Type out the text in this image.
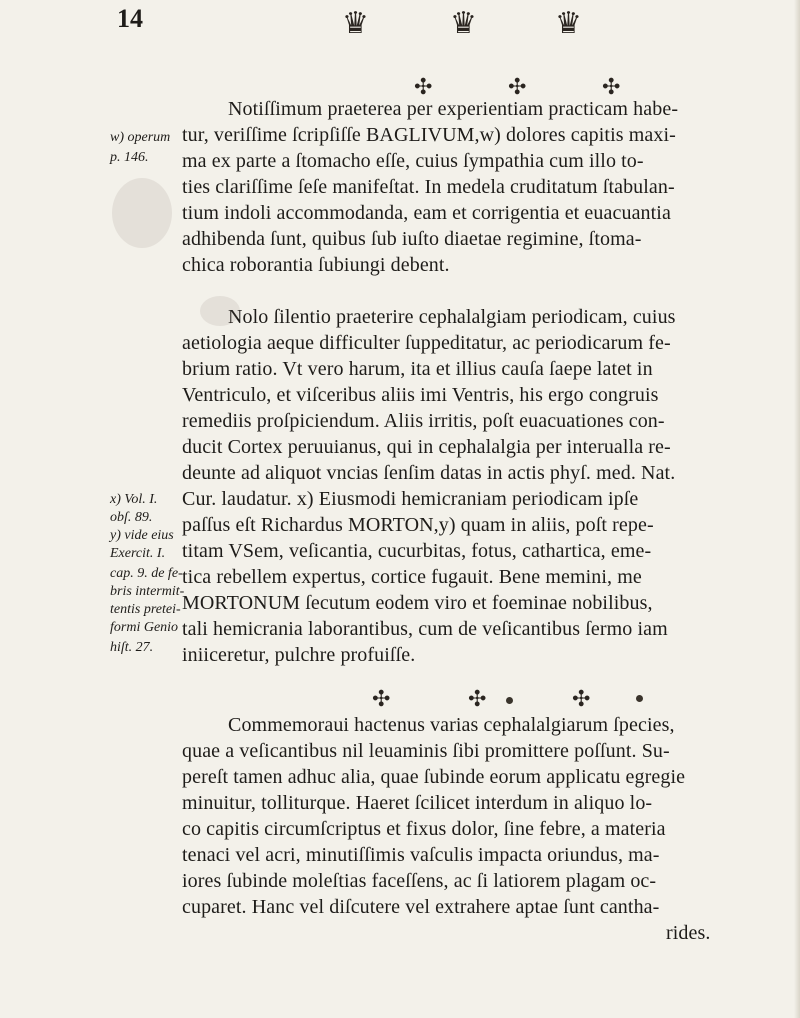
14	♛	♛	♛
✣	✣	✣
Notiſſimum praeterea per experientiam practicam habe-
tur, veriſſime ſcripſiſſe BAGLIVUM,w) dolores capitis maxi-
ma ex parte a ſtomacho eſſe, cuius ſympathia cum illo to-
ties clariſſime ſeſe manifeſtat. In medela cruditatum ſtabulan-
tium indoli accommodanda, eam et corrigentia et euacuantia
adhibenda ſunt, quibus ſub iuſto diaetae regimine, ſtoma-
chica roborantia ſubiungi debent.
Nolo ſilentio praeterire cephalalgiam periodicam, cuius
aetiologia aeque difficulter ſuppeditatur, ac periodicarum fe-
brium ratio. Vt vero harum, ita et illius cauſa ſaepe latet in
Ventriculo, et viſceribus aliis imi Ventris, his ergo congruis
remediis proſpiciendum. Aliis irritis, poſt euacuationes con-
ducit Cortex peruuianus, qui in cephalalgia per interualla re-
deunte ad aliquot vncias ſenſim datas in actis phyſ. med. Nat.
Cur. laudatur. x) Eiusmodi hemicraniam periodicam ipſe
paſſus eſt Richardus MORTON,y) quam in aliis, poſt repe-
titam VSem, veſicantia, cucurbitas, fotus, cathartica, eme-
tica rebellem expertus, cortice fugauit. Bene memini, me
MORTONUM ſecutum eodem viro et foeminae nobilibus,
tali hemicrania laborantibus, cum de veſicantibus ſermo iam
iniiceretur, pulchre profuiſſe.
✣	✣	✣
Commemoraui hactenus varias cephalalgiarum ſpecies,
quae a veſicantibus nil leuaminis ſibi promittere poſſunt. Su-
pereſt tamen adhuc alia, quae ſubinde eorum applicatu egregie
minuitur, tolliturque. Haeret ſcilicet interdum in aliquo lo-
co capitis circumſcriptus et fixus dolor, ſine febre, a materia
tenaci vel acri, minutiſſimis vaſculis impacta oriundus, ma-
iores ſubinde moleſtias faceſſens, ac ſi latiorem plagam oc-
cuparet. Hanc vel diſcutere vel extrahere aptae ſunt cantha-
rides.
w) operum
p. 146.
x) Vol. I.
obſ. 89.
y) vide eius
Exercit. I.
cap. 9. de fe-
bris intermit-
tentis pretei-
formi Genio
hiſt. 27.
